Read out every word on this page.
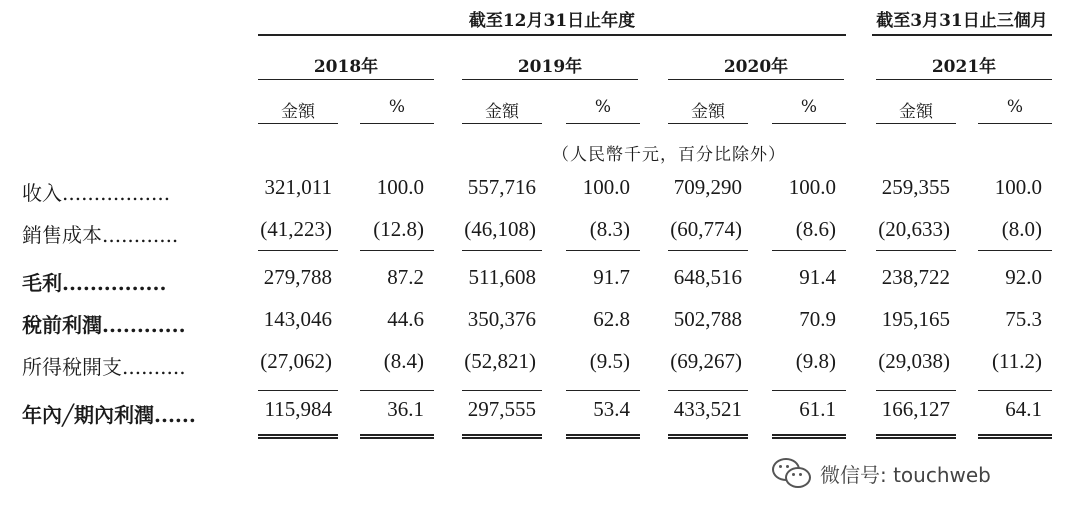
截至12月31日止年度	截至3月31日止三個月
2018年	2019年	2020年	2021年
金額	%	金額	%	金額	%	金額	%
（人民幣千元，百分比除外）
收入.................	321,011	100.0 557,716	100.0 709,290	100.0 259,355	100.0
銷售成本............	(41,223)	(12.8) (46,108)	(8.3) (60,774)	(8.6) (20,633)	(8.0)
毛利...............	279,788	87.2	511,608	91.7 648,516	91.4 238,722	92.0
稅前利潤............	143,046	44.6 350,376	62.8 502,788	70.9 195,165	75.3
所得稅開支..........	(27,062)	(8.4) (52,821)	(9.5) (69,267)	(9.8) (29,038)	(11.2)
年內╱期內利潤......	115,984	36.1 297,555	53.4 433,521	61.1 166,127	64.1
微信号: touchweb
